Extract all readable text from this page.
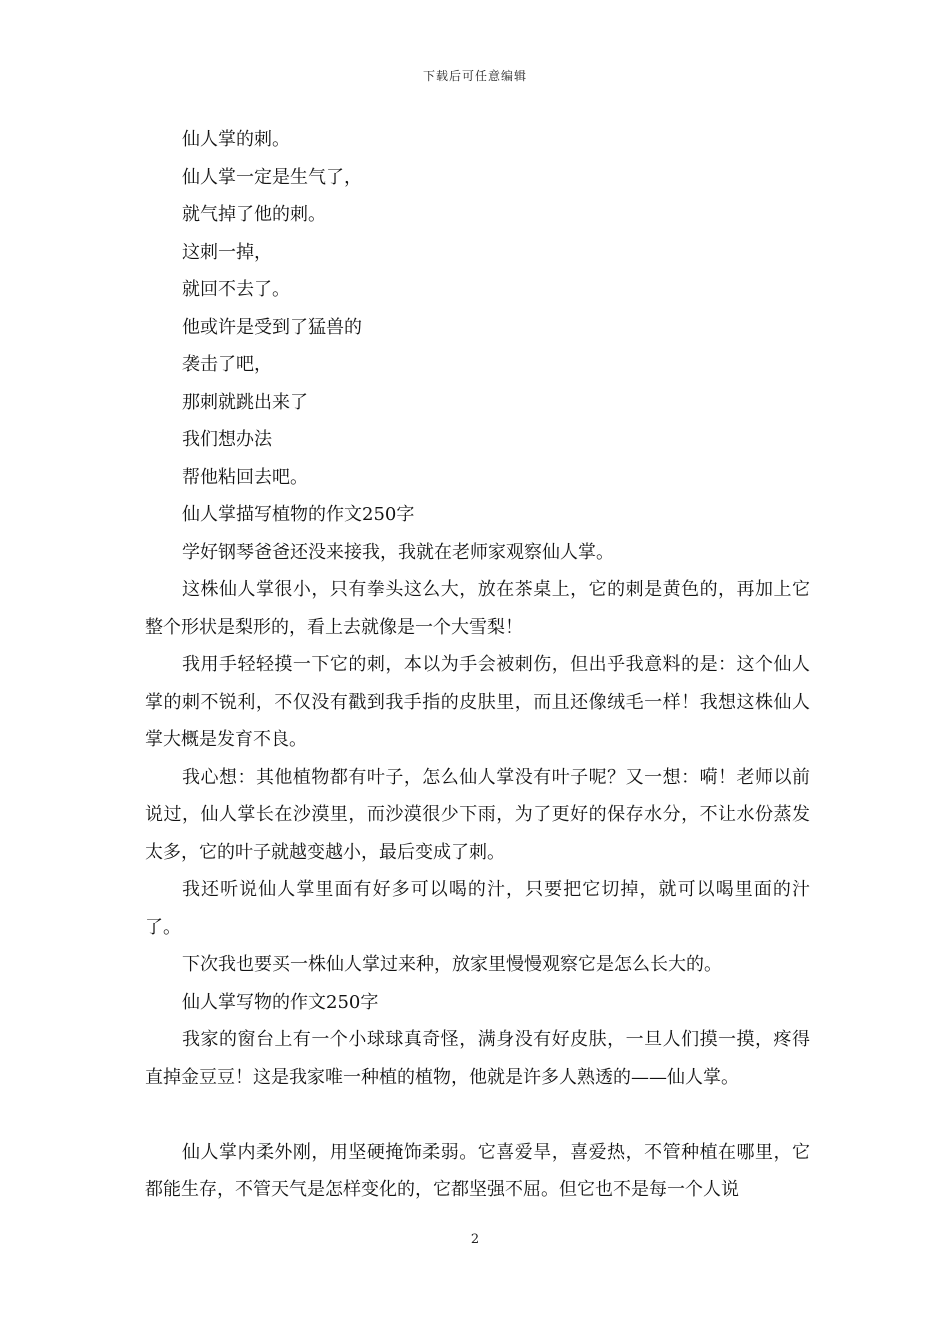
下载后可任意编辑

仙人掌的刺。

仙人掌一定是生气了，

就气掉了他的刺。

这刺一掉，

就回不去了。

他或许是受到了猛兽的

袭击了吧，

那刺就跳出来了

我们想办法

帮他粘回去吧。

仙人掌描写植物的作文250字

学好钢琴爸爸还没来接我，我就在老师家观察仙人掌。

这株仙人掌很小，只有拳头这么大，放在茶桌上，它的刺是黄色的，再加上它整个形状是梨形的，看上去就像是一个大雪梨！

我用手轻轻摸一下它的刺，本以为手会被刺伤，但出乎我意料的是：这个仙人掌的刺不锐利，不仅没有戳到我手指的皮肤里，而且还像绒毛一样！我想这株仙人掌大概是发育不良。

我心想：其他植物都有叶子，怎么仙人掌没有叶子呢？又一想：嗬！老师以前说过，仙人掌长在沙漠里，而沙漠很少下雨，为了更好的保存水分，不让水份蒸发太多，它的叶子就越变越小，最后变成了刺。

我还听说仙人掌里面有好多可以喝的汁，只要把它切掉，就可以喝里面的汁了。

下次我也要买一株仙人掌过来种，放家里慢慢观察它是怎么长大的。

仙人掌写物的作文250字

我家的窗台上有一个小球球真奇怪，满身没有好皮肤，一旦人们摸一摸，疼得直掉金豆豆！这是我家唯一种植的植物，他就是许多人熟透的——仙人掌。

仙人掌内柔外刚，用坚硬掩饰柔弱。它喜爱旱，喜爱热，不管种植在哪里，它都能生存，不管天气是怎样变化的，它都坚强不屈。但它也不是每一个人说

2
